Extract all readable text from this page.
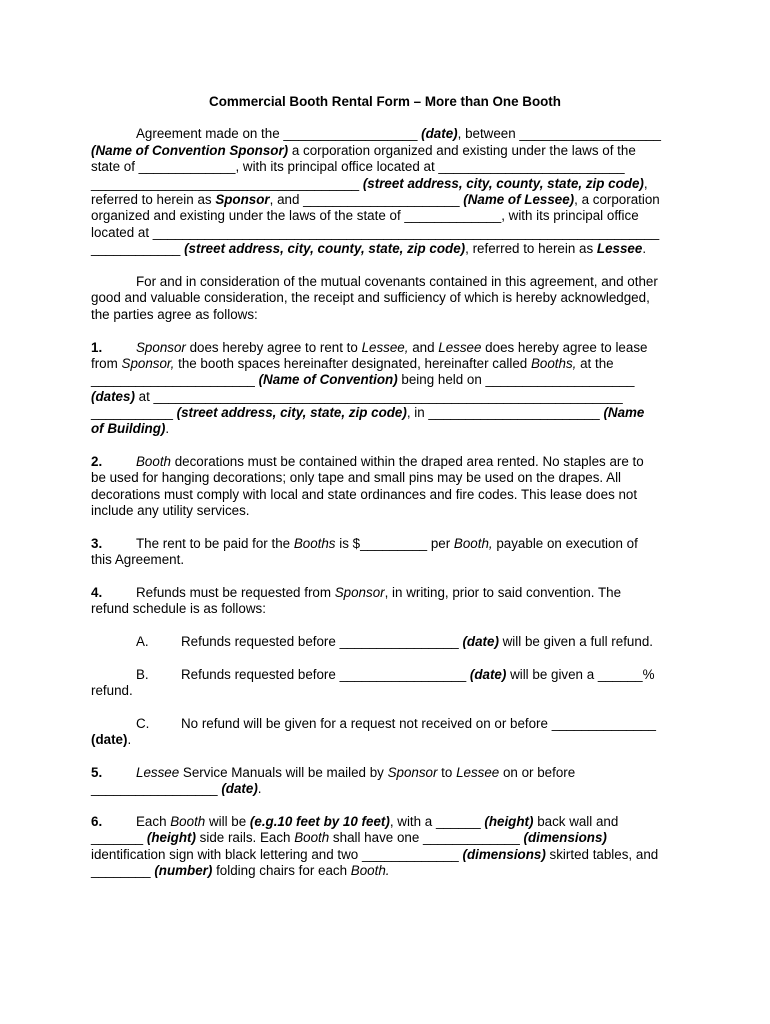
Commercial Booth Rental Form – More than One Booth
Agreement made on the __________________ (date), between ___________________
(Name of Convention Sponsor) a corporation organized and existing under the laws of the
state of _____________, with its principal office located at _________________________
____________________________________ (street address, city, county, state, zip code),
referred to herein as Sponsor, and _____________________ (Name of Lessee), a corporation
organized and existing under the laws of the state of _____________, with its principal office
located at ____________________________________________________________________
____________ (street address, city, county, state, zip code), referred to herein as Lessee.
For and in consideration of the mutual covenants contained in this agreement, and other
good and valuable consideration, the receipt and sufficiency of which is hereby acknowledged,
the parties agree as follows:
1.	Sponsor does hereby agree to rent to Lessee, and Lessee does hereby agree to lease
from Sponsor, the booth spaces hereinafter designated, hereinafter called Booths, at the
______________________ (Name of Convention) being held on ____________________
(dates) at _______________________________________________________________
___________ (street address, city, state, zip code), in _______________________ (Name
of Building).
2.	Booth decorations must be contained within the draped area rented. No staples are to
be used for hanging decorations; only tape and small pins may be used on the drapes. All
decorations must comply with local and state ordinances and fire codes. This lease does not
include any utility services.
3.	The rent to be paid for the Booths is $_________ per Booth, payable on execution of
this Agreement.
4.	Refunds must be requested from Sponsor, in writing, prior to said convention. The
refund schedule is as follows:
A. Refunds requested before ________________ (date) will be given a full refund.
B. Refunds requested before _________________ (date) will be given a ______%
refund.
C. No refund will be given for a request not received on or before ______________
(date).
5.	Lessee Service Manuals will be mailed by Sponsor to Lessee on or before
_________________ (date).
6.	Each Booth will be (e.g.10 feet by 10 feet), with a ______ (height) back wall and
_______ (height) side rails. Each Booth shall have one _____________ (dimensions)
identification sign with black lettering and two _____________ (dimensions) skirted tables, and
________ (number) folding chairs for each Booth.
